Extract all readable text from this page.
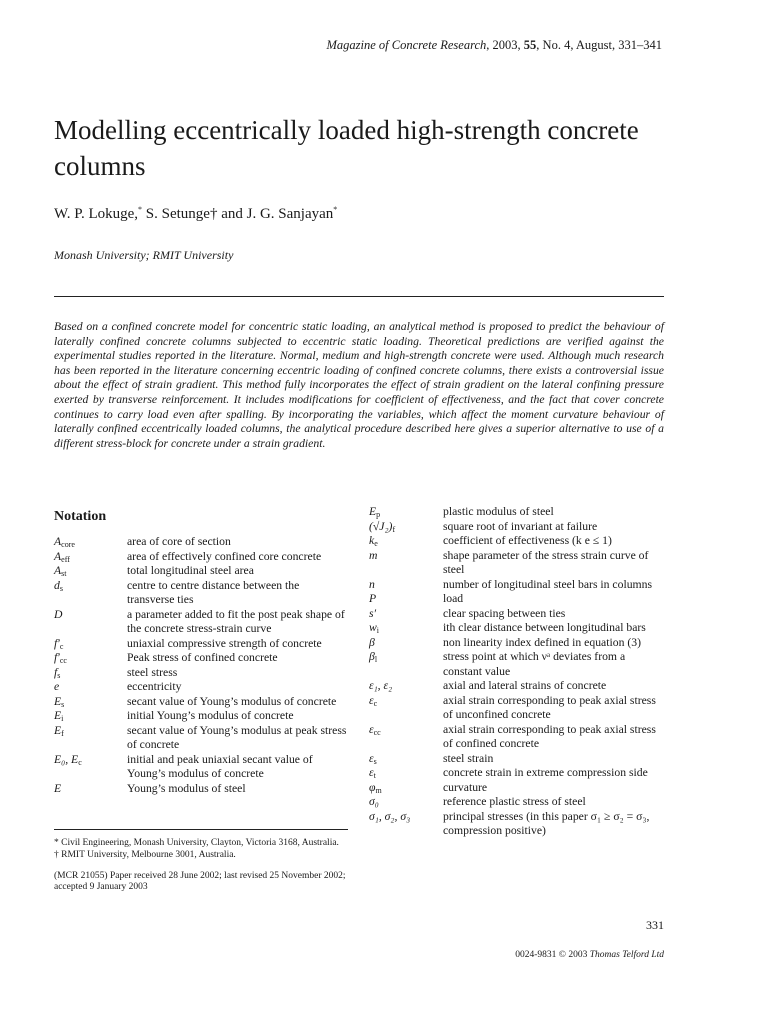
Magazine of Concrete Research, 2003, 55, No. 4, August, 331–341
Modelling eccentrically loaded high-strength concrete columns
W. P. Lokuge,* S. Setunge† and J. G. Sanjayan*
Monash University; RMIT University
Based on a confined concrete model for concentric static loading, an analytical method is proposed to predict the behaviour of laterally confined concrete columns subjected to eccentric static loading. Theoretical predictions are verified against the experimental studies reported in the literature. Normal, medium and high-strength concrete were used. Although much research has been reported in the literature concerning eccentric loading of confined concrete columns, there exists a controversial issue about the effect of strain gradient. This method fully incorporates the effect of strain gradient on the lateral confining pressure exerted by transverse reinforcement. It includes modifications for coefficient of effectiveness, and the fact that cover concrete continues to carry load even after spalling. By incorporating the variables, which affect the moment curvature behaviour of laterally confined eccentrically loaded columns, the analytical procedure described here gives a superior alternative to use of a different stress-block for concrete under a strain gradient.
Notation
$A_{core}$	area of core of section
$A_{eff}$	area of effectively confined core concrete
$A_{st}$	total longitudinal steel area
$d_s$	centre to centre distance between the transverse ties
D	a parameter added to fit the post peak shape of the concrete stress-strain curve
$f'_c$	uniaxial compressive strength of concrete
$f'_{cc}$	Peak stress of confined concrete
$f_s$	steel stress
e	eccentricity
$E_s$	secant value of Young’s modulus of concrete
$E_i$	initial Young’s modulus of concrete
$E_f$	secant value of Young’s modulus at peak stress of concrete
E₀, $E_c$	initial and peak uniaxial secant value of Young’s modulus of concrete
E	Young’s modulus of steel
$E_p$	plastic modulus of steel
$(√J_2)_f$	square root of invariant at failure
$k_e$	coefficient of effectiveness (k e ≤ 1)
m	shape parameter of the stress strain curve of steel
n	number of longitudinal steel bars in columns
P	load
s′	clear spacing between ties
$w_i$	ith clear distance between longitudinal bars
β	non linearity index defined in equation (3)
$\beta_l$	stress point at which νᵃ deviates from a constant value
ε₁, ε₂	axial and lateral strains of concrete
$\varepsilon_c$	axial strain corresponding to peak axial stress of unconfined concrete
$\varepsilon_{cc}$	axial strain corresponding to peak axial stress of confined concrete
$\varepsilon_s$	steel strain
$\varepsilon_t$	concrete strain in extreme compression side
$\varphi_m$	curvature
σ₀	reference plastic stress of steel
σ₁, σ₂, σ₃	principal stresses (in this paper σ₁ ≥ σ₂ = σ₃, compression positive)

* Civil Engineering, Monash University, Clayton, Victoria 3168, Australia.

† RMIT University, Melbourne 3001, Australia.

(MCR 21055) Paper received 28 June 2002; last revised 25 November 2002; accepted 9 January 2003

331
0024-9831 © 2003 Thomas Telford Ltd
